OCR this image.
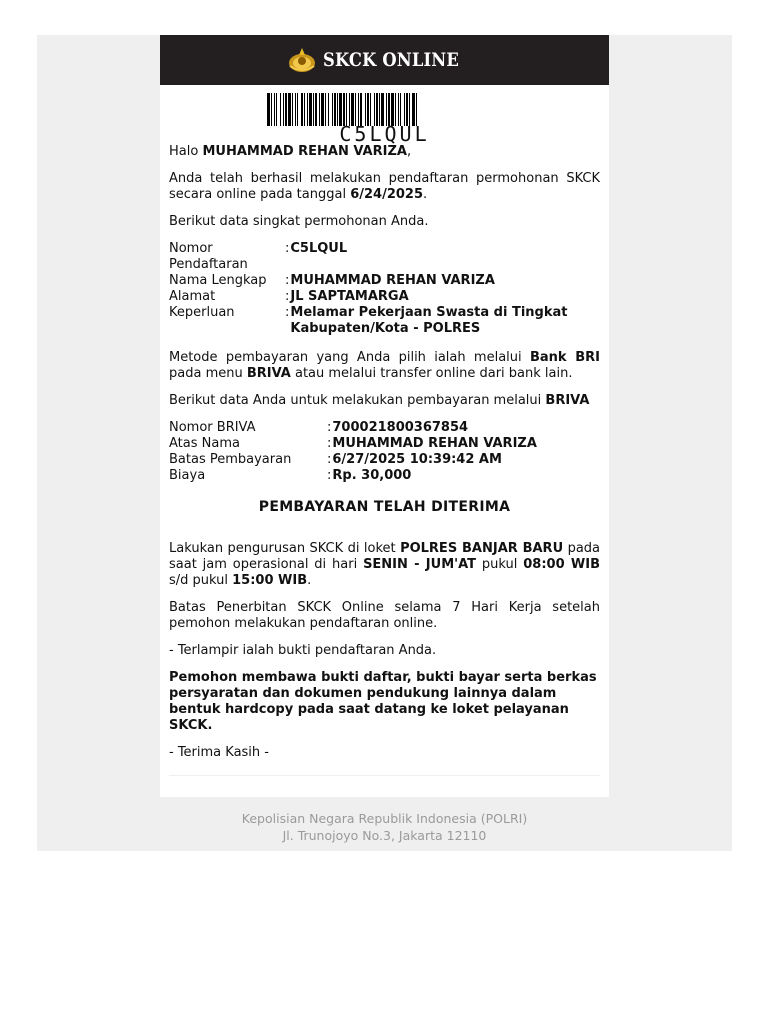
SKCK ONLINE
C5LQUL

Halo MUHAMMAD REHAN VARIZA,

Anda telah berhasil melakukan pendaftaran permohonan SKCK secara online pada tanggal 6/24/2025.

Berikut data singkat permohonan Anda.

Nomor Pendaftaran	:	C5LQUL
Nama Lengkap	:	MUHAMMAD REHAN VARIZA
Alamat	:	JL SAPTAMARGA
Keperluan	:	Melamar Pekerjaan Swasta di Tingkat Kabupaten/Kota - POLRES

Metode pembayaran yang Anda pilih ialah melalui Bank BRI pada menu BRIVA atau melalui transfer online dari bank lain.

Berikut data Anda untuk melakukan pembayaran melalui BRIVA

Nomor BRIVA	:	700021800367854
Atas Nama	:	MUHAMMAD REHAN VARIZA
Batas Pembayaran	:	6/27/2025 10:39:42 AM
Biaya	:	Rp. 30,000
PEMBAYARAN TELAH DITERIMA

Lakukan pengurusan SKCK di loket POLRES BANJAR BARU pada saat jam operasional di hari SENIN - JUM'AT pukul 08:00 WIB s/d pukul 15:00 WIB.

Batas Penerbitan SKCK Online selama 7 Hari Kerja setelah pemohon melakukan pendaftaran online.

- Terlampir ialah bukti pendaftaran Anda.

Pemohon membawa bukti daftar, bukti bayar serta berkas persyaratan dan dokumen pendukung lainnya dalam bentuk hardcopy pada saat datang ke loket pelayanan SKCK.

- Terima Kasih -

Kepolisian Negara Republik Indonesia (POLRI)
Jl. Trunojoyo No.3, Jakarta 12110
